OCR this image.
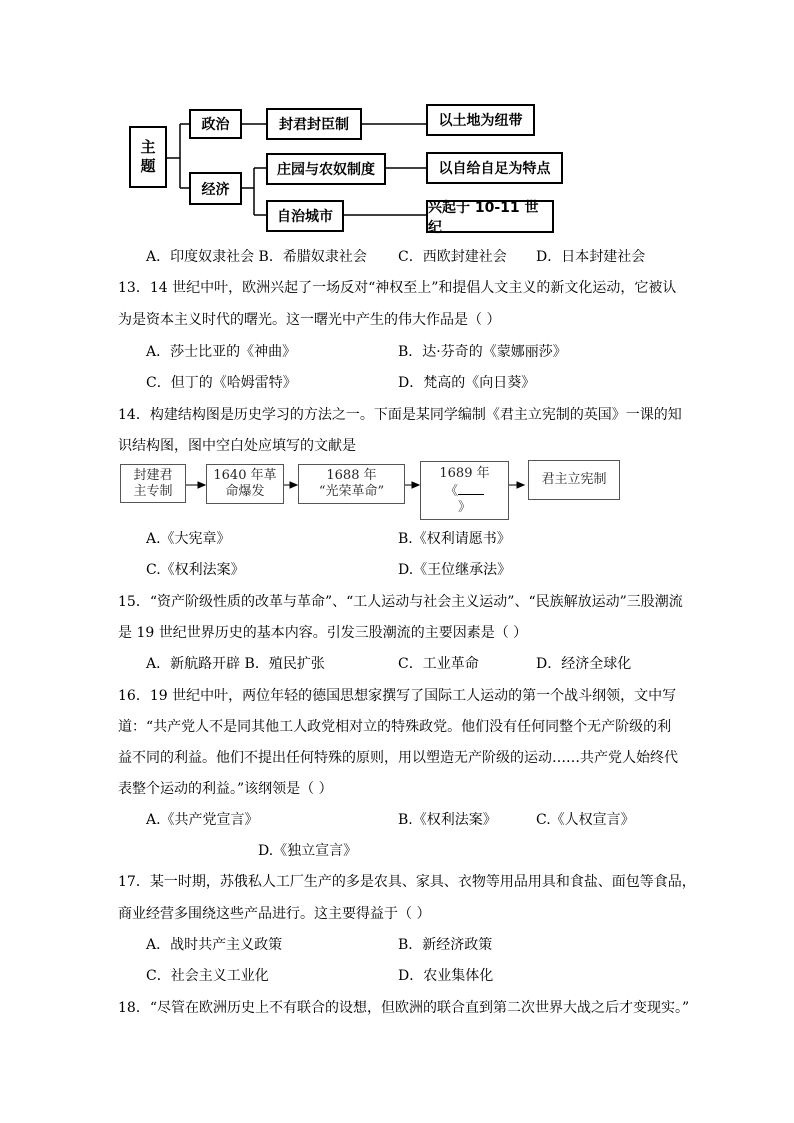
主
题
政治
经济
封君封臣制
庄园与农奴制度
自治城市
以土地为纽带
以自给自足为特点
兴起于 10-11 世纪
A．印度奴隶社会 B．希腊奴隶社会 C．西欧封建社会 D．日本封建社会
13．14 世纪中叶，欧洲兴起了一场反对“神权至上”和提倡人文主义的新文化运动，它被认
为是资本主义时代的曙光。这一曙光中产生的伟大作品是（ ）
A．莎士比亚的《神曲》	B．达·芬奇的《蒙娜丽莎》
C．但丁的《哈姆雷特》	D．梵高的《向日葵》
14．构建结构图是历史学习的方法之一。下面是某同学编制《君主立宪制的英国》一课的知
识结构图，图中空白处应填写的文献是
封建君
主专制
1640 年革
命爆发
1688 年
“光荣革命”
1689 年
《
》
君主立宪制
A.《大宪章》	B.《权利请愿书》
C.《权利法案》	D.《王位继承法》
15．“资产阶级性质的改革与革命”、“工人运动与社会主义运动”、“民族解放运动”三股潮流
是 19 世纪世界历史的基本内容。引发三股潮流的主要因素是（ ）
A．新航路开辟 B．殖民扩张	C．工业革命	D．经济全球化
16．19 世纪中叶，两位年轻的德国思想家撰写了国际工人运动的第一个战斗纲领，文中写
道：“共产党人不是同其他工人政党相对立的特殊政党。他们没有任何同整个无产阶级的利
益不同的利益。他们不提出任何特殊的原则，用以塑造无产阶级的运动……共产党人始终代
表整个运动的利益。”该纲领是（ ）
A.《共产党宣言》	B.《权利法案》	C.《人权宣言》
D.《独立宣言》
17．某一时期，苏俄私人工厂生产的多是农具、家具、衣物等用品用具和食盐、面包等食品，
商业经营多围绕这些产品进行。这主要得益于（ ）
A．战时共产主义政策	B．新经济政策
C．社会主义工业化	D．农业集体化
18．“尽管在欧洲历史上不有联合的设想，但欧洲的联合直到第二次世界大战之后才变现实。”
